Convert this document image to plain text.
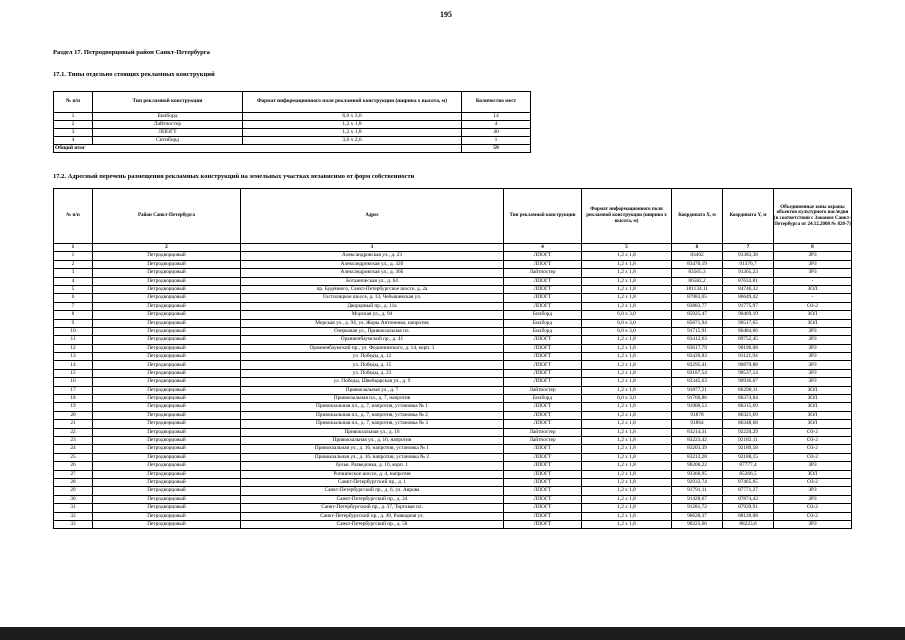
195
Раздел 17. Петродворцовый район Санкт-Петербурга
17.1. Типы отдельно стоящих рекламных конструкций
№ п/п	Тип рекламной конструкции	Формат информационного поля рекламной конструкции (ширина х высота, м)	Количество мест
1	Билборд	6,0 х 3,0	14
2	Лайтпостер	1,2 х 1,8	4
3	ЛПОГТ	1,2 х 1,8	40
4	Ситиборд	3,6 х 2,6	1
Общий итог			59
17.2. Адресный перечень размещения рекламных конструкций на земельных участках независимо от форм собственности
№ п/п	Район Санкт-Петербурга	Адрес	Тип рекламной конструкции	Формат информационного поля рекламной конструкции (ширина х высота, м)	Координата X, м	Координата Y, м	Объединенные зоны охраны объектов культурного наследия (в соответствии с Законом Санкт-Петербурга от 24.12.2008 № 820-7)
1	2	3	4	5	6	7	8
1	Петродворцовый	Александровская ул., д. 23	ЛПОГТ	1,2 х 1,8	83402	91383,38	ЗРЗ
2	Петродворцовый	Александровская ул., д. 32б	ЛПОГТ	1,2 х 1,8	83470,19	91376,7	ЗРЗ
3	Петродворцовый	Александровская ул., д. 36б	Лайтпостер	1,2 х 1,8	83565,3	91365,23	ЗРЗ
4	Петродворцовый	Ботаническая ул., д. 64	ЛПОГТ	1,2 х 1,8	86582,2	87633,81	-
5	Петродворцовый	пр. Будённого, Санкт-Петербургское шоссе, д. 2а	ЛПОГТ	1,2 х 1,8	101134,11	84746,32	ЗОЛ
6	Петродворцовый	Гостилицкое шоссе, д. 13, Чебышевская ул.	ЛПОГТ	1,2 х 1,8	87983,65	86649,42	-
7	Петродворцовый	Дворцовый пр., д. 11а	ЛПОГТ	1,2 х 1,8	83883,77	91775,97	ОЗ-2
8	Петродворцовый	Морская ул., д. 94	Билборд	6,0 х 3,0	85925,47	90469,19	ЗОЛ
9	Петродворцовый	Морская ул., д. 94, ул. Жоры Антоненко, напротив	Билборд	6,0 х 3,0	85871,94	90517,65	ЗОЛ
10	Петродворцовый	Озерковая ул., Привокзальная пл.	Билборд	6,0 х 3,0	91715,91	86484,06	ЗРЗ
11	Петродворцовый	Ораниенбаумский пр., д. 41	ЛПОГТ	1,2 х 1,8	83412,63	89752,45	ЗРЗ
12	Петродворцовый	Ораниенбаумский пр., ул. Федюнинского, д. 14, корп. 1	ЛПОГТ	1,2 х 1,8	83617,79	90196,08	ЗРЗ
13	Петродворцовый	ул. Победы, д. 12	ЛПОГТ	1,2 х 1,8	83439,83	91121,94	ЗРЗ
14	Петродворцовый	ул. Победы, д. 15	ЛПОГТ	1,2 х 1,8	83295,41	90879,88	ЗРЗ
15	Петродворцовый	ул. Победы, д. 23	ЛПОГТ	1,2 х 1,8	83187,54	90537,54	ЗРЗ
16	Петродворцовый	ул. Победы, Швейцарская ул., д. 9	ЛПОГТ	1,2 х 1,8	83345,63	90936,07	ЗРЗ
17	Петродворцовый	Привокзальная ул., д. 7	Лайтпостер	1,2 х 1,8	91877,21	86290,11	ЗОЛ
18	Петродворцовый	Привокзальная пл., д. 7, напротив	Билборд	6,0 х 3,0	91760,86	86374,84	ЗОЛ
19	Петродворцовый	Привокзальная пл., д. 7, напротив, установка № 1	ЛПОГТ	1,2 х 1,8	91900,53	86315,69	ЗОЛ
20	Петродворцовый	Привокзальная пл., д. 7, напротив, установка № 2	ЛПОГТ	1,2 х 1,8	91878	86321,69	ЗОЛ
21	Петродворцовый	Привокзальная пл., д. 7, напротив, установка № 3	ЛПОГТ	1,2 х 1,8	91864	86348,68	ЗОЛ
22	Петродворцовый	Привокзальная ул., д. 16	Лайтпостер	1,2 х 1,8	83214,31	92220,29	ОЗ-2
23	Петродворцовый	Привокзальная ул., д. 16, напротив	Лайтпостер	1,2 х 1,8	83223,42	92182,11	ОЗ-2
24	Петродворцовый	Привокзальная ул., д. 16, напротив, установка № 1	ЛПОГТ	1,2 х 1,8	83203,39	92189,58	ОЗ-2
25	Петродворцовый	Привокзальная ул., д. 16, напротив, установка № 2	ЛПОГТ	1,2 х 1,8	83212,28	92188,15	ОЗ-2
26	Петродворцовый	бульв. Разведчика, д. 10, корп. 1	ЛПОГТ	1,2 х 1,8	90206,22	87777,4	ЗРЗ
27	Петродворцовый	Ропшинское шоссе, д. 4, напротив	ЛПОГТ	1,2 х 1,8	93366,95	85266,5	ЗОЛ
28	Петродворцовый	Санкт-Петербургский пр., д. 1	ЛПОГТ	1,2 х 1,8	92933,74	87465,65	ОЗ-2
29	Петродворцовый	Санкт-Петербургский пр., д. 6, ул. Аврова	ЛПОГТ	1,2 х 1,8	91791,11	87771,27	ЗРЗ
30	Петродворцовый	Санкт-Петербургский пр., д. 24	ЛПОГТ	1,2 х 1,8	91428,67	87874,42	ЗРЗ
31	Петродворцовый	Санкт-Петербургский пр., д. 37, Торговая пл.	ЛПОГТ	1,2 х 1,8	91281,72	87939,91	ОЗ-2
32	Петродворцовый	Санкт-Петербургский пр., д. 49, Разводная ул.	ЛПОГТ	1,2 х 1,8	90628,37	88128,08	ОЗ-2
33	Петродворцовый	Санкт-Петербургский пр., д. 58	ЛПОГТ	1,2 х 1,8	90225,66	88223,8	ЗРЗ
